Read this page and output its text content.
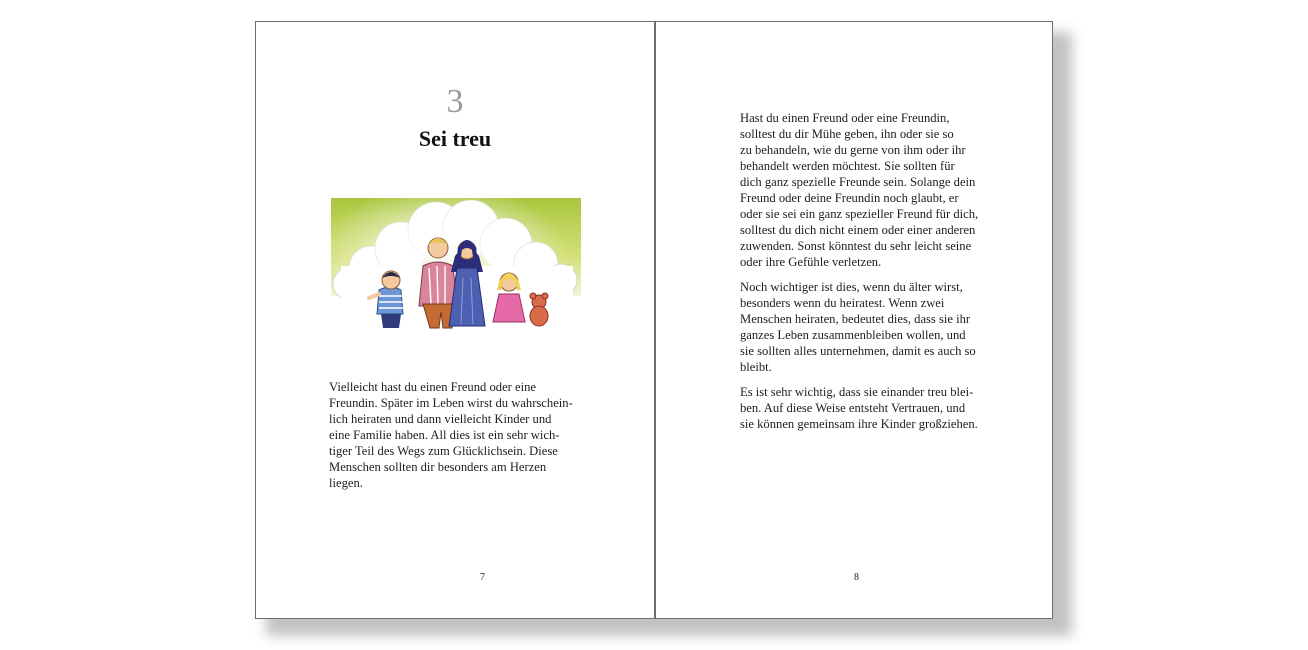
3
Sei treu
Vielleicht hast du einen Freund oder eine
Freundin. Später im Leben wirst du wahrschein-
lich heiraten und dann vielleicht Kinder und
eine Familie haben. All dies ist ein sehr wich-
tiger Teil des Wegs zum Glücklichsein. Diese
Menschen sollten dir besonders am Herzen
liegen.
7

Hast du einen Freund oder eine Freundin,
solltest du dir Mühe geben, ihn oder sie so
zu behandeln, wie du gerne von ihm oder ihr
behandelt werden möchtest. Sie sollten für
dich ganz spezielle Freunde sein. Solange dein
Freund oder deine Freundin noch glaubt, er
oder sie sei ein ganz spezieller Freund für dich,
solltest du dich nicht einem oder einer anderen
zuwenden. Sonst könntest du sehr leicht seine
oder ihre Gefühle verletzen.

Noch wichtiger ist dies, wenn du älter wirst,
besonders wenn du heiratest. Wenn zwei
Menschen heiraten, bedeutet dies, dass sie ihr
ganzes Leben zusammenbleiben wollen, und
sie sollten alles unternehmen, damit es auch so
bleibt.

Es ist sehr wichtig, dass sie einander treu blei-
ben. Auf diese Weise entsteht Vertrauen, und
sie können gemeinsam ihre Kinder großziehen.

8
